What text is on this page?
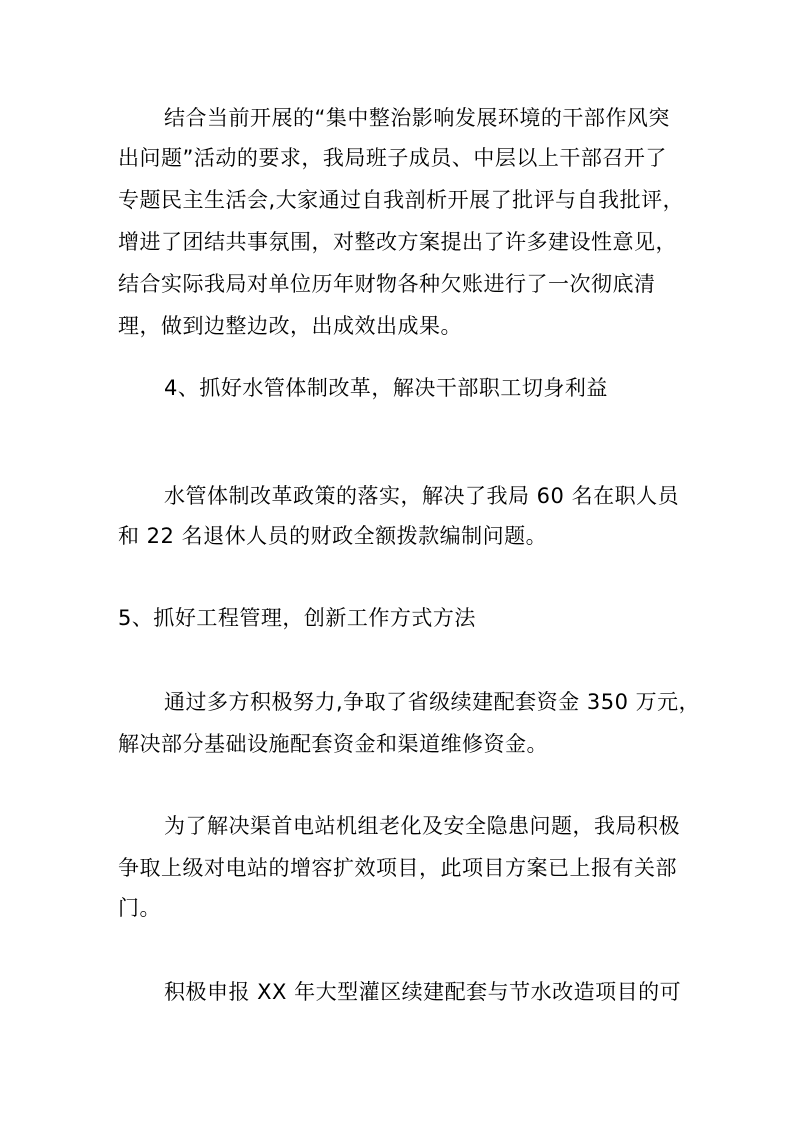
结合当前开展的“集中整治影响发展环境的干部作风突
出问题”活动的要求，我局班子成员、中层以上干部召开了
专题民主生活会,大家通过自我剖析开展了批评与自我批评，
增进了团结共事氛围，对整改方案提出了许多建设性意见，
结合实际我局对单位历年财物各种欠账进行了一次彻底清
理，做到边整边改，出成效出成果。
4、抓好水管体制改革，解决干部职工切身利益
水管体制改革政策的落实，解决了我局 60 名在职人员
和 22 名退休人员的财政全额拨款编制问题。
5、抓好工程管理，创新工作方式方法
通过多方积极努力,争取了省级续建配套资金 350 万元，
解决部分基础设施配套资金和渠道维修资金。
为了解决渠首电站机组老化及安全隐患问题，我局积极
争取上级对电站的增容扩效项目，此项目方案已上报有关部
门。
积极申报 XX 年大型灌区续建配套与节水改造项目的可
